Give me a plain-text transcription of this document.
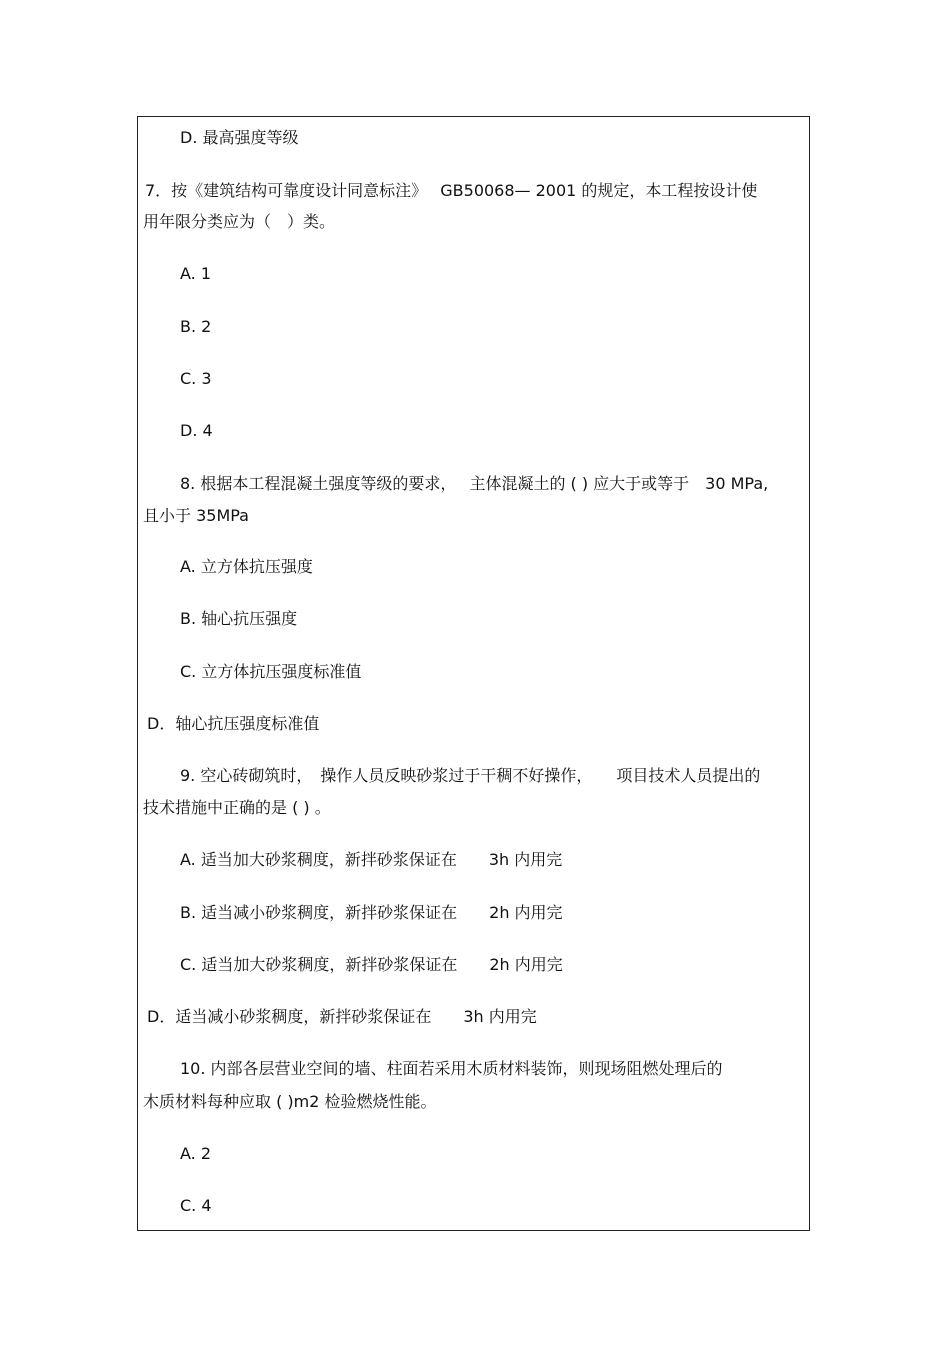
D. 最高强度等级
7．按《建筑结构可靠度设计同意标注》　 GB50068— 2001 的规定，本工程按设计使
用年限分类应为（　）类。
A. 1
B. 2
C. 3
D. 4
8. 根据本工程混凝土强度等级的要求，　 主体混凝土的 ( ) 应大于或等于　30 MPa,
且小于 35MPa
A. 立方体抗压强度
B. 轴心抗压强度
C. 立方体抗压强度标准值
D．轴心抗压强度标准值
9. 空心砖砌筑时，　操作人员反映砂浆过于干稠不好操作，　　项目技术人员提出的
技术措施中正确的是 ( ) 。
A. 适当加大砂浆稠度，新拌砂浆保证在　　3h 内用完
B. 适当减小砂浆稠度，新拌砂浆保证在　　2h 内用完
C. 适当加大砂浆稠度，新拌砂浆保证在　　2h 内用完
D．适当减小砂浆稠度，新拌砂浆保证在　　3h 内用完
10. 内部各层营业空间的墙、柱面若采用木质材料装饰，则现场阻燃处理后的
木质材料每种应取 ( )m2 检验燃烧性能。
A. 2
C. 4
